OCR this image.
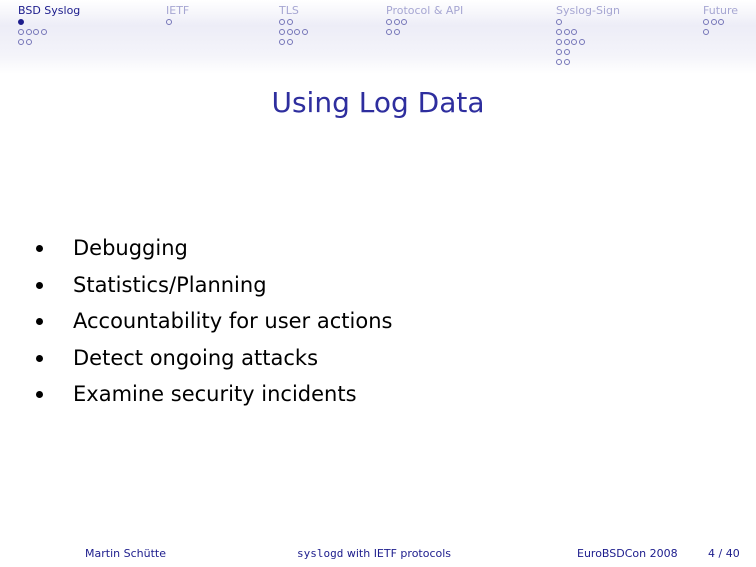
BSD Syslog	IETF	TLS	Protocol & API	Syslog-Sign	Future
Using Log Data
Debugging
Statistics/Planning
Accountability for user actions
Detect ongoing attacks
Examine security incidents
Martin Schütte	syslogd with IETF protocols	EuroBSDCon 2008	4 / 40
